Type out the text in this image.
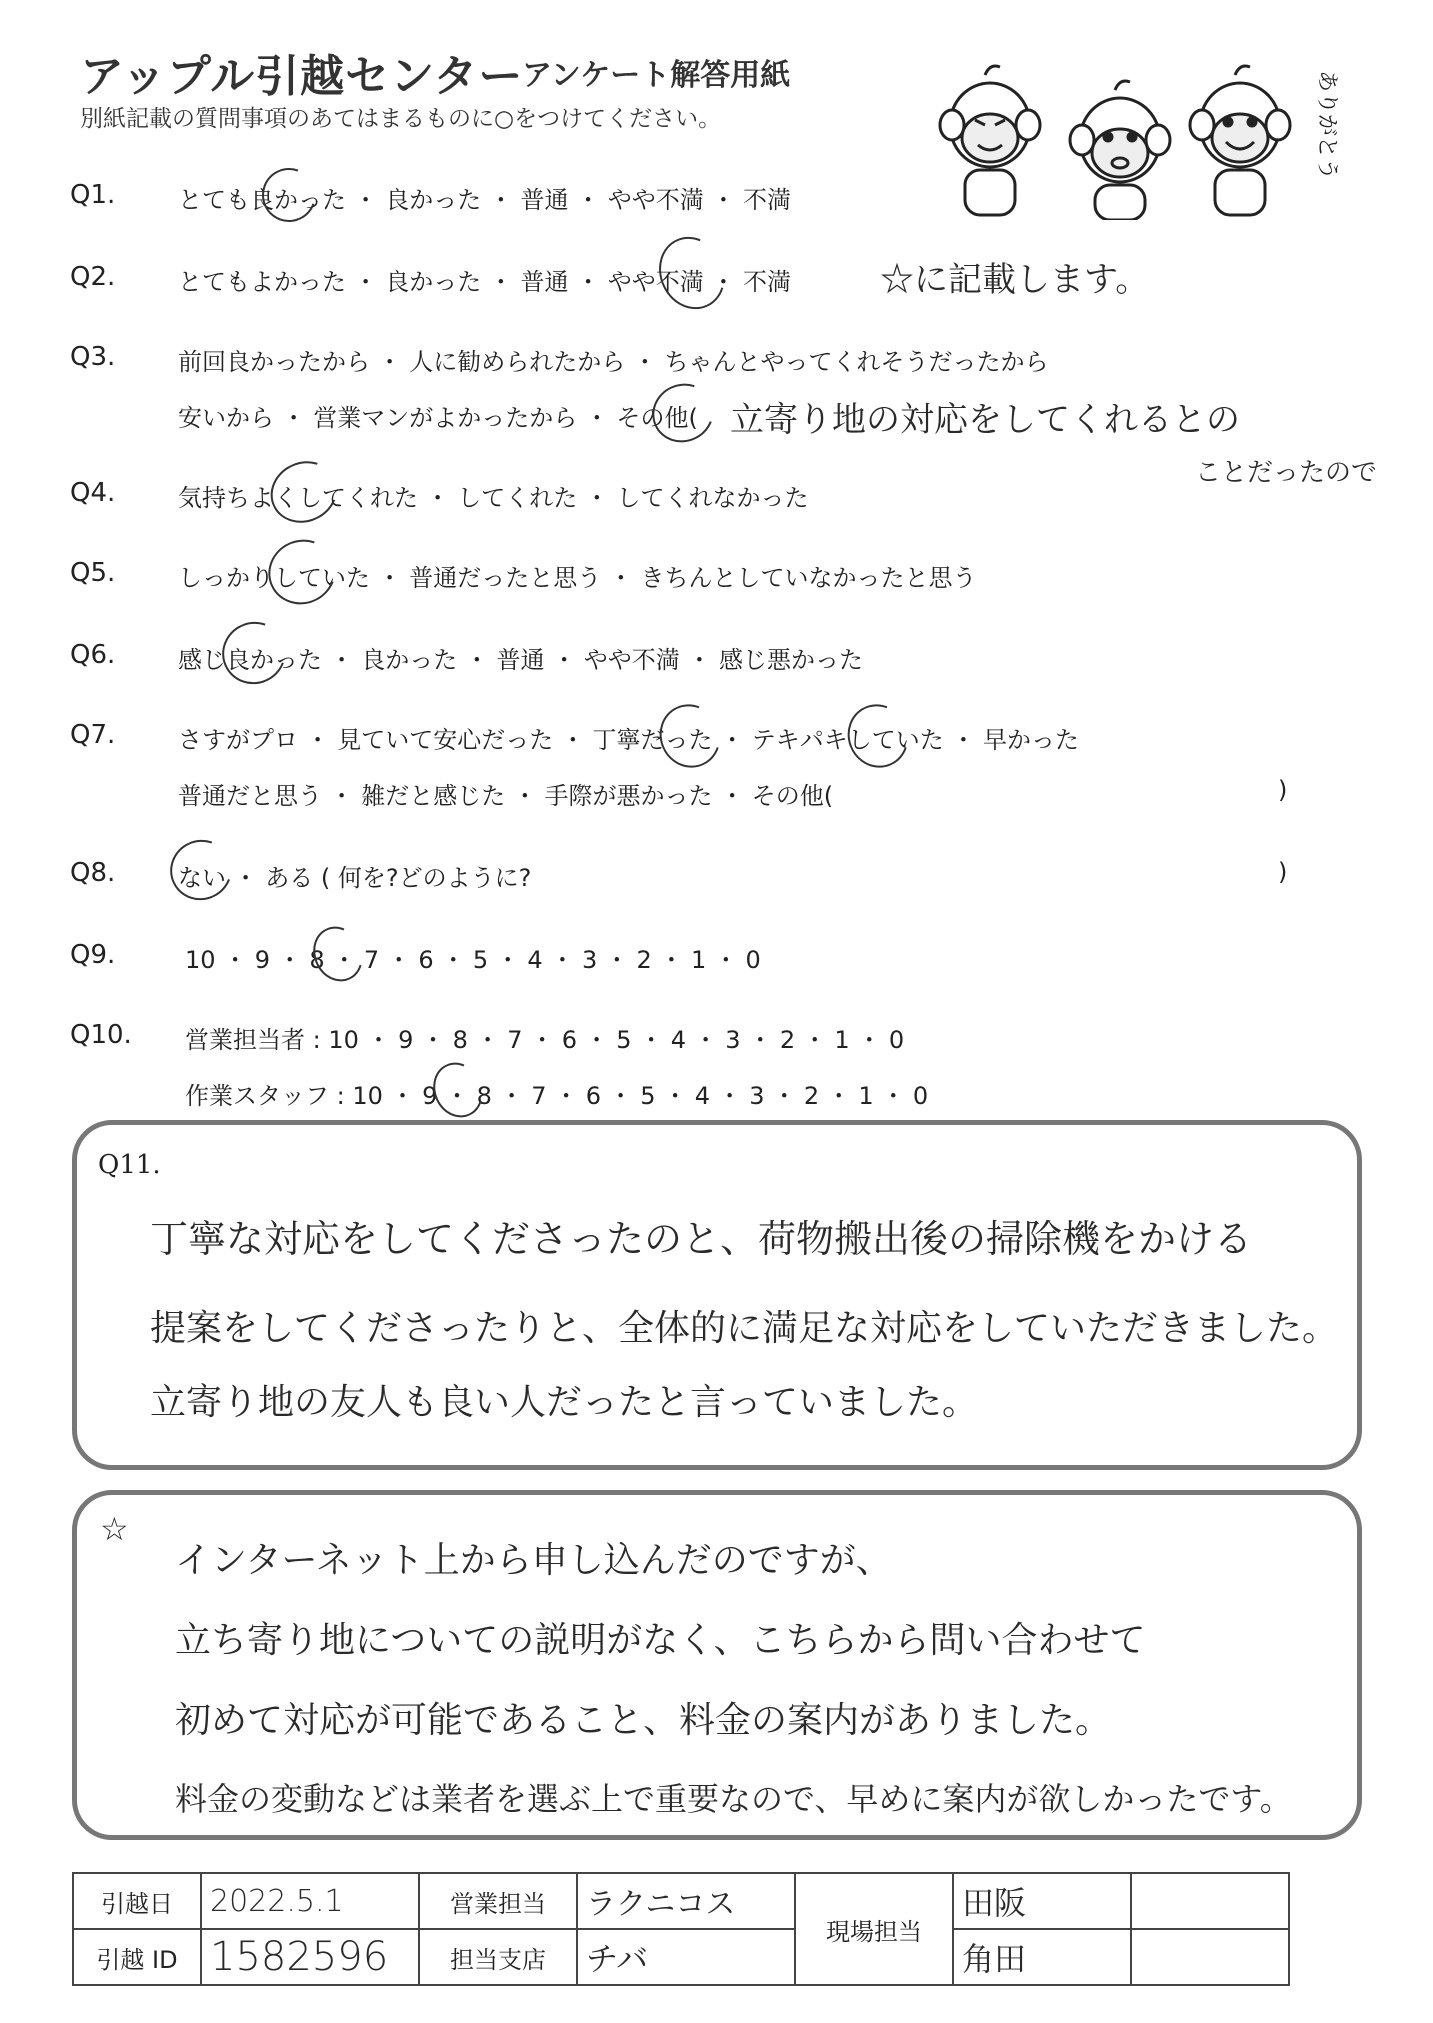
アップル引越センター
アンケート解答用紙
別紙記載の質問事項のあてはまるものに○をつけてください。	ありがとう
Q1.	とても良かった ・ 良かった ・ 普通 ・ やや不満 ・ 不満
Q2.	とてもよかった ・ 良かった ・ 普通 ・ やや不満 ・ 不満	☆に記載します。
Q3.	前回良かったから ・ 人に勧められたから ・ ちゃんとやってくれそうだったから
安いから ・ 営業マンがよかったから ・ その他( 立寄り地の対応をしてくれるとの
ことだったので
Q4.	気持ちよくしてくれた ・ してくれた ・ してくれなかった
Q5.	しっかりしていた ・ 普通だったと思う ・ きちんとしていなかったと思う
Q6.	感じ良かった ・ 良かった ・ 普通 ・ やや不満 ・ 感じ悪かった
Q7.	さすがプロ ・ 見ていて安心だった ・ 丁寧だった ・ テキパキしていた ・ 早かった
普通だと思う ・ 雑だと感じた ・ 手際が悪かった ・ その他(	)
Q8.	ない ・ ある ( 何を?どのように?	)
Q9.	10 ・ 9 ・ 8 ・ 7 ・ 6 ・ 5 ・ 4 ・ 3 ・ 2 ・ 1 ・ 0
8
Q10. 営業担当者 : 10 ・ 9 ・ 8 ・ 7 ・ 6 ・ 5 ・ 4 ・ 3 ・ 2 ・ 1 ・ 0
作業スタッフ : 10 ・ 9 ・ 8 ・ 7 ・ 6 ・ 5 ・ 4 ・ 3 ・ 2 ・ 1 ・ 0
9
Q11.
丁寧な対応をしてくださったのと、荷物搬出後の掃除機をかける
提案をしてくださったりと、全体的に満足な対応をしていただきました。
立寄り地の友人も良い人だったと言っていました。
☆
インターネット上から申し込んだのですが、
立ち寄り地についての説明がなく、こちらから問い合わせて
初めて対応が可能であること、料金の案内がありました。
料金の変動などは業者を選ぶ上で重要なので、早めに案内が欲しかったです。
引越日	2022.5.1	営業担当	ラクニコス	現場担当	田阪	
引越 ID	1582596	担当支店	チバ		角田	
